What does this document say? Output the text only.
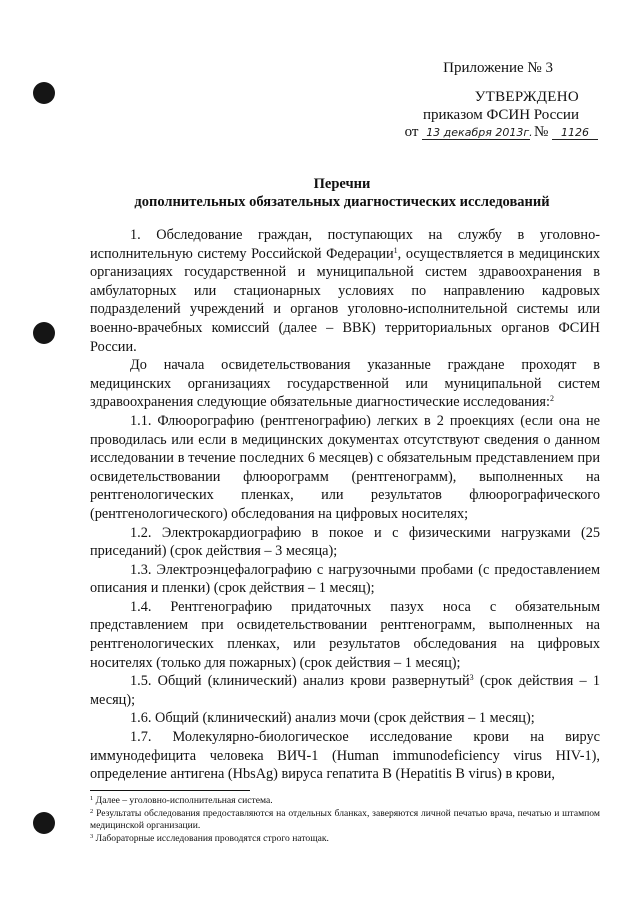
Приложение № 3
УТВЕРЖДЕНО
приказом ФСИН России
от 13 декабря 2013г. № 1126
Перечни
дополнительных обязательных диагностических исследований

1. Обследование граждан, поступающих на службу в уголовно-исполнительную систему Российской Федерации$^1$, осуществляется в медицинских организациях государственной и муниципальной систем здравоохранения в амбулаторных или стационарных условиях по направлению кадровых подразделений учреждений и органов уголовно-исполнительной системы или военно-врачебных комиссий (далее – ВВК) территориальных органов ФСИН России.

До начала освидетельствования указанные граждане проходят в медицинских организациях государственной или муниципальной систем здравоохранения следующие обязательные диагностические исследования:$^2$

1.1. Флюорографию (рентгенографию) легких в 2 проекциях (если она не проводилась или если в медицинских документах отсутствуют сведения о данном исследовании в течение последних 6 месяцев) с обязательным представлением при освидетельствовании флюорограмм (рентгенограмм), выполненных на рентгенологических пленках, или результатов флюорографического (рентгенологического) обследования на цифровых носителях;

1.2. Электрокардиографию в покое и с физическими нагрузками (25 приседаний) (срок действия – 3 месяца);

1.3. Электроэнцефалографию с нагрузочными пробами (с предоставлением описания и пленки) (срок действия – 1 месяц);

1.4. Рентгенографию придаточных пазух носа с обязательным представлением при освидетельствовании рентгенограмм, выполненных на рентгенологических пленках, или результатов обследования на цифровых носителях (только для пожарных) (срок действия – 1 месяц);

1.5. Общий (клинический) анализ крови развернутый$^3$ (срок действия – 1 месяц);

1.6. Общий (клинический) анализ мочи (срок действия – 1 месяц);

1.7. Молекулярно-биологическое исследование крови на вирус иммунодефицита человека ВИЧ-1 (Human immunodeficiency virus HIV-1), определение антигена (HbsAg) вируса гепатита В (Hepatitis B virus) в крови,

$^1$ Далее – уголовно-исполнительная система.

$^2$ Результаты обследования предоставляются на отдельных бланках, заверяются личной печатью врача, печатью и штампом медицинской организации.

$^3$ Лабораторные исследования проводятся строго натощак.
